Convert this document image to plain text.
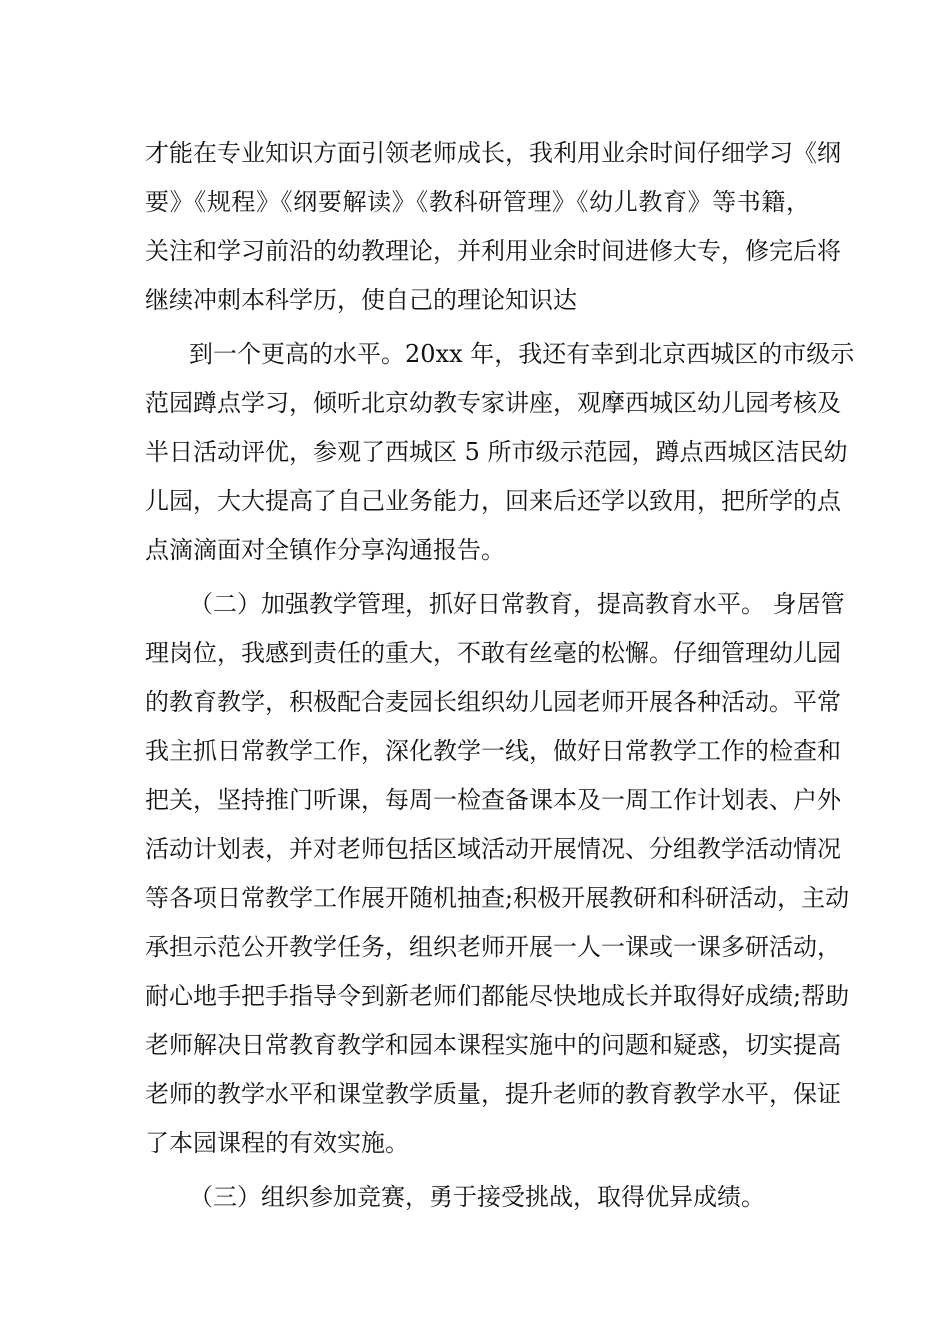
才能在专业知识方面引领老师成长，我利用业余时间仔细学习《纲
要》《规程》《纲要解读》《教科研管理》《幼儿教育》等书籍，
关注和学习前沿的幼教理论，并利用业余时间进修大专，修完后将
继续冲刺本科学历，使自己的理论知识达
到一个更高的水平。20xx 年，我还有幸到北京西城区的市级示
范园蹲点学习，倾听北京幼教专家讲座，观摩西城区幼儿园考核及
半日活动评优，参观了西城区 5 所市级示范园，蹲点西城区洁民幼
儿园，大大提高了自己业务能力，回来后还学以致用，把所学的点
点滴滴面对全镇作分享沟通报告。
（二）加强教学管理，抓好日常教育，提高教育水平。 身居管
理岗位，我感到责任的重大，不敢有丝毫的松懈。仔细管理幼儿园
的教育教学，积极配合麦园长组织幼儿园老师开展各种活动。平常
我主抓日常教学工作，深化教学一线，做好日常教学工作的检查和
把关，坚持推门听课，每周一检查备课本及一周工作计划表、户外
活动计划表，并对老师包括区域活动开展情况、分组教学活动情况
等各项日常教学工作展开随机抽查;积极开展教研和科研活动，主动
承担示范公开教学任务，组织老师开展一人一课或一课多研活动，
耐心地手把手指导令到新老师们都能尽快地成长并取得好成绩;帮助
老师解决日常教育教学和园本课程实施中的问题和疑惑，切实提高
老师的教学水平和课堂教学质量，提升老师的教育教学水平，保证
了本园课程的有效实施。
（三）组织参加竞赛，勇于接受挑战，取得优异成绩。
